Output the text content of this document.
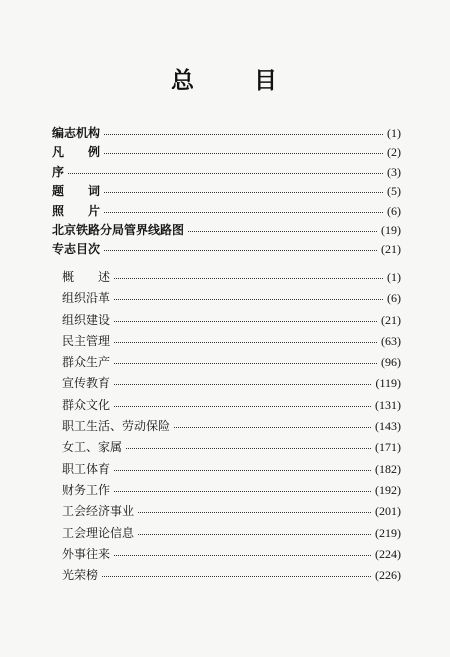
总	目
编志机构	(1)
凡　　例	(2)
序	(3)
题　　词	(5)
照　　片	(6)
北京铁路分局管界线路图	(19)
专志目次	(21)
概　　述	(1)
组织沿革	(6)
组织建设	(21)
民主管理	(63)
群众生产	(96)
宣传教育	(119)
群众文化	(131)
职工生活、劳动保险	(143)
女工、家属	(171)
职工体育	(182)
财务工作	(192)
工会经济事业	(201)
工会理论信息	(219)
外事往来	(224)
光荣榜	(226)
